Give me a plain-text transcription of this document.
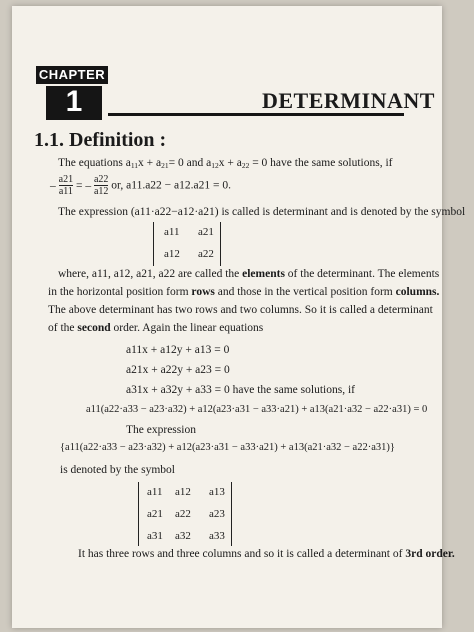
CHAPTER
1	DETERMINANT
1.1. Definition :
The equations $a_{11}x + a_{21}= 0$ and $a_{12}x + a_{22} = 0$ have the same solutions, if
– $\frac{a21}{a11}$ = – $\frac{a22}{a12}$ or, a11.a22 − a12.a21 = 0.
The expression (a11·a22−a12·a21) is called is determinant and is denoted by the symbol
a11 a21
a12 a22
where, a11, a12, a21, a22 are called the elements of the determinant. The elements
in the horizontal position form rows and those in the vertical position form columns.
The above determinant has two rows and two columns. So it is called a determinant
of the second order. Again the linear equations
a11x + a12y + a13 = 0
a21x + a22y + a23 = 0
a31x + a32y + a33 = 0 have the same solutions, if
a11(a22·a33 − a23·a32) + a12(a23·a31 − a33·a21) + a13(a21·a32 − a22·a31) = 0
The expression
{a11(a22·a33 − a23·a32) + a12(a23·a31 − a33·a21) + a13(a21·a32 − a22·a31)}
is denoted by the symbol
a11 a12 a13
a21 a22 a23
a31 a32 a33
It has three rows and three columns and so it is called a determinant of 3rd order.
